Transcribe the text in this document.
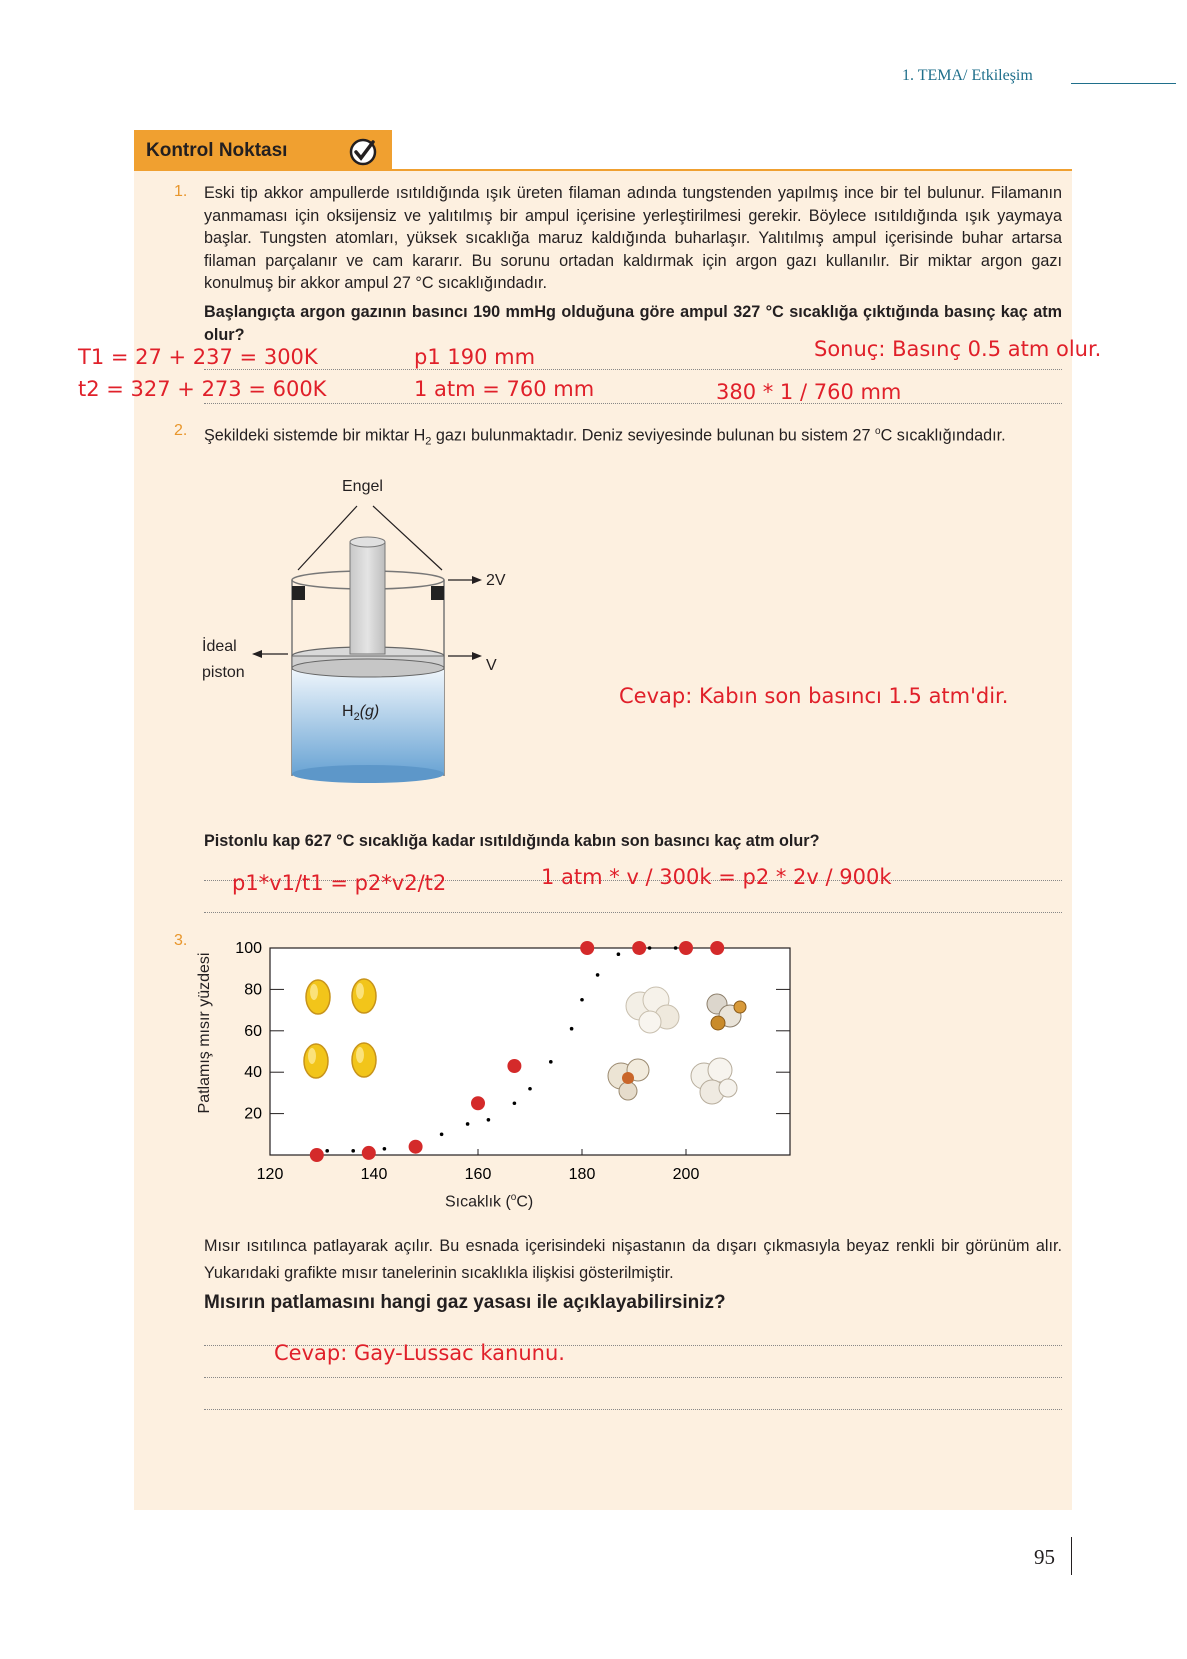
1. TEMA/ Etkileşim
Kontrol Noktası
1. Eski tip akkor ampullerde ısıtıldığında ışık üreten filaman adında tungstenden yapılmış ince bir tel bulunur. Filamanın yanmaması için oksijensiz ve yalıtılmış bir ampul içerisine yerleştirilmesi gerekir. Böylece ısıtıldığında ışık yaymaya başlar. Tungsten atomları, yüksek sıcaklığa maruz kaldığında buharlaşır. Yalıtılmış ampul içerisinde buhar artarsa filaman parçalanır ve cam kararır. Bu sorunu ortadan kaldırmak için argon gazı kullanılır. Bir miktar argon gazı konulmuş bir akkor ampul 27 °C sıcaklığındadır.
Başlangıçta argon gazının basıncı 190 mmHg olduğuna göre ampul 327 °C sıcaklığa çıktığında basınç kaç atm olur?
T1 = 27 + 237 = 300K
t2 = 327 + 273 = 600K
p1 190 mm
1 atm = 760 mm	380 * 1 / 760 mm
Sonuç: Basınç 0.5 atm olur.
2. Şekildeki sistemde bir miktar $H_2$ gazı bulunmaktadır. Deniz seviyesinde bulunan bu sistem 27 $^o$C sıcaklığındadır.
Engel
2V
V
İdeal
piston
$H_2(g)$
Cevap: Kabın son basıncı 1.5 atm'dir.
Pistonlu kap 627 °C sıcaklığa kadar ısıtıldığında kabın son basıncı kaç atm olur?
p1*v1/t1 = p2*v2/t2	1 atm * v / 300k = p2 * 2v / 900k
3.
Patlamış mısır yüzdesi
Sıcaklık ($^o$C)
120	140	160	180	200
20
40
60
80
100
Mısır ısıtılınca patlayarak açılır. Bu esnada içerisindeki nişastanın da dışarı çıkmasıyla beyaz renkli bir görünüm alır. Yukarıdaki grafikte mısır tanelerinin sıcaklıkla ilişkisi gösterilmiştir.
Mısırın patlamasını hangi gaz yasası ile açıklayabilirsiniz?
Cevap: Gay-Lussac kanunu.
95
